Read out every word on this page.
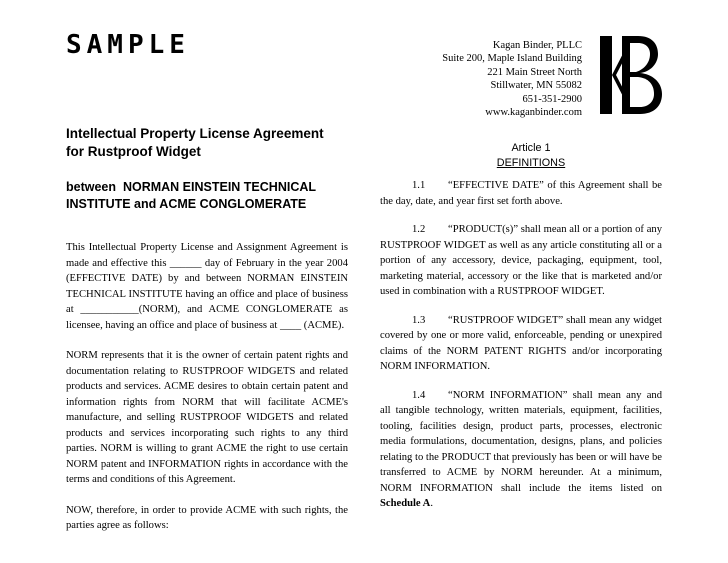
SAMPLE	Kagan Binder, PLLC
Suite 200, Maple Island Building
221 Main Street North
Stillwater, MN 55082
651-351-2900
www.kaganbinder.com
Intellectual Property License Agreement
for Rustproof Widget
between  NORMAN EINSTEIN TECHNICAL
INSTITUTE and ACME CONGLOMERATE

This Intellectual Property License and Assignment Agreement is made and effective this ______ day of February in the year 2004 (EFFECTIVE DATE) by and between NORMAN EINSTEIN TECHNICAL INSTITUTE having an office and place of business at ___________(NORM), and ACME CONGLOMERATE as licensee, having an office and place of business at ____ (ACME).

NORM represents that it is the owner of certain patent rights and documentation relating to RUSTPROOF WIDGETS and related products and services. ACME desires to obtain certain patent and information rights from NORM that will facilitate ACME's manufacture, and selling RUSTPROOF WIDGETS and related products and services incorporating such rights to any third parties. NORM is willing to grant ACME the right to use certain NORM patent and INFORMATION rights in accordance with the terms and conditions of this Agreement.

NOW, therefore, in order to provide ACME with such rights, the parties agree as follows:

Article 1
DEFINITIONS

1.1 “EFFECTIVE DATE” of this Agreement shall be the day, date, and year first set forth above.

1.2 “PRODUCT(s)” shall mean all or a portion of any RUSTPROOF WIDGET as well as any article constituting all or a portion of any accessory, device, packaging, equipment, tool, marketing material, accessory or the like that is marketed and/or used in combination with a RUSTPROOF WIDGET.

1.3 “RUSTPROOF WIDGET” shall mean any widget covered by one or more valid, enforceable, pending or unexpired claims of the NORM PATENT RIGHTS and/or incorporating NORM INFORMATION.

1.4 “NORM INFORMATION” shall mean any and all tangible technology, written materials, equipment, facilities, tooling, facilities design, product parts, processes, electronic media formulations, documentation, designs, plans, and policies relating to the PRODUCT that previously has been or will have be transferred to ACME by NORM hereunder. At a minimum, NORM INFORMATION shall include the items listed on Schedule A.
